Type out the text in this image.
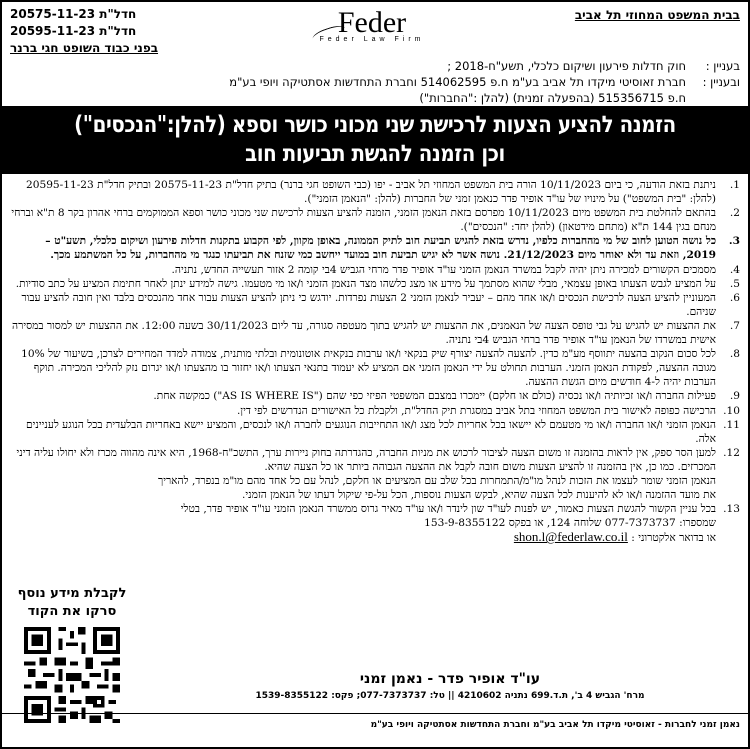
בבית המשפט המחוזי תל אביב
חדל"ת 20575-11-23
חדל"ת 20595-11-23
בפני כבוד השופט חגי ברנר
Feder
Feder Law Firm
בעניין :
חוק חדלות פירעון ושיקום כלכלי, תשע"ח-2018 ;
ובעניין :
חברת זאוסיטי מיקדו תל אביב בע"מ ח.פ 514062595 וחברת התחדשות אסתטיקה ויופי בע"מ
ח.פ 515356715 (בהפעלה זמנית) (להלן :"החברות")
הזמנה להציע הצעות לרכישת שני מכוני כושר וספא (להלן:"הנכסים")
וכן הזמנה להגשת תביעות חוב
1.
ניתנת בזאת הודעה, כי ביום 10/11/2023 הורה בית המשפט המחוזי תל אביב - יפו (כבי השופט חגי ברנר) בתיק חדל"ת 20575-11-23 ובתיק חדל"ת 20595-11-23 (להלן: "בית המשפט") על מינויו של עו"ד אופיר פדר כנאמן זמני של החברות (להלן: "הנאמן הזמני").
2.
בהתאם להחלטת בית המשפט מיום 10/11/2023 מפרסם בזאת הנאמן הזמני, הזמנה להציע הצעות לרכישת שני מכוני כושר וספא הממוקמים ברחי אהרון בקר 8 ת"א וברחי מנחם בגין 144 ת"א (מתחם מידטאון) (להלן יחד: "הנכסים").
3.
כל נושה הטוען לחוב של מי מהחברות כלפיו, נדרש בזאת להגיש תביעת חוב לתיק הממונה, באופן מקוון, לפי הקבוע בתקנות חדלות פירעון ושיקום כלכלי, תשע"ט – 2019, וזאת עד ולא יאוחר מיום 21/12/2023. נושה אשר לא יגיש תביעת חוב במועד ייחשב כמי שזנח את תביעתו כנגד מי מהחברות, על כל המשתמע מכך.
4.
מסמכים הקשורים למכירה ניתן יהיה לקבל במשרד הנאמן הזמני עו"ד אופיר פדר מרחי הגביש 4בי קומה 2 אזור תעשייה החדש, נתניה.
5.
על המציע לגבש הצעתו באופן עצמאי, מבלי שהוא מסתמך על מידע או מצג כלשהו מצד הנאמן הזמני ו/או מי מטעמו. גישה למידע ינתן לאחר חתימת המציע על כתב סודיות.
6.
המעוניין להציע הצעה לרכישת הנכסים ו/או אחד מהם – יעביר לנאמן הזמני 2 הצעות נפרדות. יודגש כי ניתן להציע הצעות עבור אחד מהנכסים בלבד ואין חובה להציע עבור שניהם.
7.
את ההצעות יש להגיש על גבי טופס הצעה של הנאמנים, את ההצעות יש להגיש בתוך מעטפה סגורה, עד ליום 30/11/2023 בשעה 12:00. את ההצעות יש למסור במסירה אישית במשרדו של הנאמן עו"ד אופיר פדר ברחי הגביש 4בי נתניה.
8.
לכל סכום הנקוב בהצעה יתווסף מע"מ כדין. להצעה להצעה יצורף שיק בנקאי ו/או ערבות בנקאית אוטונומית ובלתי מותנית, צמודה למדד המחירים לצרכן, בשיעור של 10% מגובה ההצעה, לפקודת הנאמן הזמני. הערבות תחולט על ידי הנאמן הזמני אם המציע לא יעמוד בתנאי הצעתו ו/או יחזור בו מהצעתו ו/או יגרום נזק להליכי המכירה. תוקף הערבות יהיה ל-4 חודשים מיום הגשת ההצעה.
9.
פעילות החברה ו/או זכיותיה ו/או נכסיה (כולם או חלקם) יימכרו במצבם המשפטי הפיזי כפי שהם ("AS IS WHERE IS") כמקשה אחת.
10.
הרכישה כפופה לאישור בית המשפט המחוזי בתל אביב במסגרת תיק החדל"ת, ולקבלת כל האישורים הנדרשים לפי דין.
11.
הנאמן הזמני ו/או החברה ו/או מי מטעמם לא יישאו בכל אחריות לכל מצג ו/או התחייבות הנוגעים לחברה ו/או לנכסים, והמציע יישא באחריות הבלעדית בכל הנוגע לעניינים אלה.
12.
למען הסר ספק, אין לראות בהזמנה זו משום הצעה לציבור לרכוש את מניות החברה, כהגדרתה בחוק ניירות ערך, התשכ"ח-1968, היא אינה מהווה מכרז ולא יחולו עליה דיני המכרזים. כמו כן, אין בהזמנה זו להציע הצעות משום חובה לקבל את ההצעה הגבוהה ביותר או כל הצעה שהיא.
הנאמן הזמני שומר לעצמו את הזכות לנהל מו"מ/התמחרות בכל שלב עם המציעים או חלקם, לנהל עם כל אחד מהם מו"מ בנפרד, להאריך את מועד ההזמנה ו/או לא להיענות לכל הצעה שהיא, לבקש הצעות נוספות, הכל על-פי שיקול דעתו של הנאמן הזמני.
13.
בכל עניין הקשור להגשת הצעות כאמור, יש לפנות לעו"ד שון לינדר ו/או עו"ד מאיר גרוס ממשרד הנאמן הזמני עו"ד אופיר פדר, בטלי שמספרו: 077-7373737 שלוחה 124, או בפקס 153-9-8355122
או בדואר אלקטרוני : shon.l@federlaw.co.il
לקבלת מידע נוסף
סרקו את הקוד
עו"ד אופיר פדר - נאמן זמני
מרח' הגביש 4 ב', ת.ד.699 נתניה 4210602 || טל: 077-7373737; פקס: 1539-8355122
נאמן זמני לחברות - זאוסיטי מיקדו תל אביב בע"מ וחברת התחדשות אסתטיקה ויופי בע"מ
